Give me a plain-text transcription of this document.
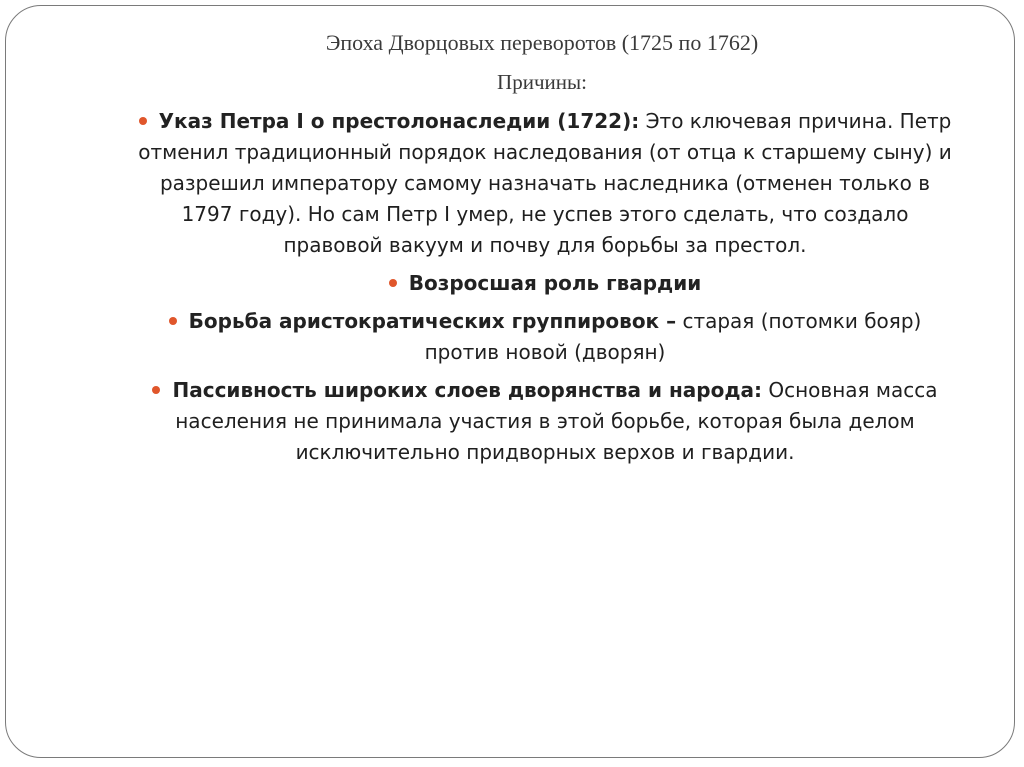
Эпоха Дворцовых переворотов (1725 по 1762)
Причины:
Указ Петра I о престолонаследии (1722): Это ключевая причина. Петр отменил традиционный порядок наследования (от отца к старшему сыну) и разрешил императору самому назначать наследника (отменен только в 1797 году). Но сам Петр I умер, не успев этого сделать, что создало правовой вакуум и почву для борьбы за престол.
Возросшая роль гвардии
Борьба аристократических группировок – старая (потомки бояр) против новой (дворян)
Пассивность широких слоев дворянства и народа: Основная масса населения не принимала участия в этой борьбе, которая была делом исключительно придворных верхов и гвардии.
